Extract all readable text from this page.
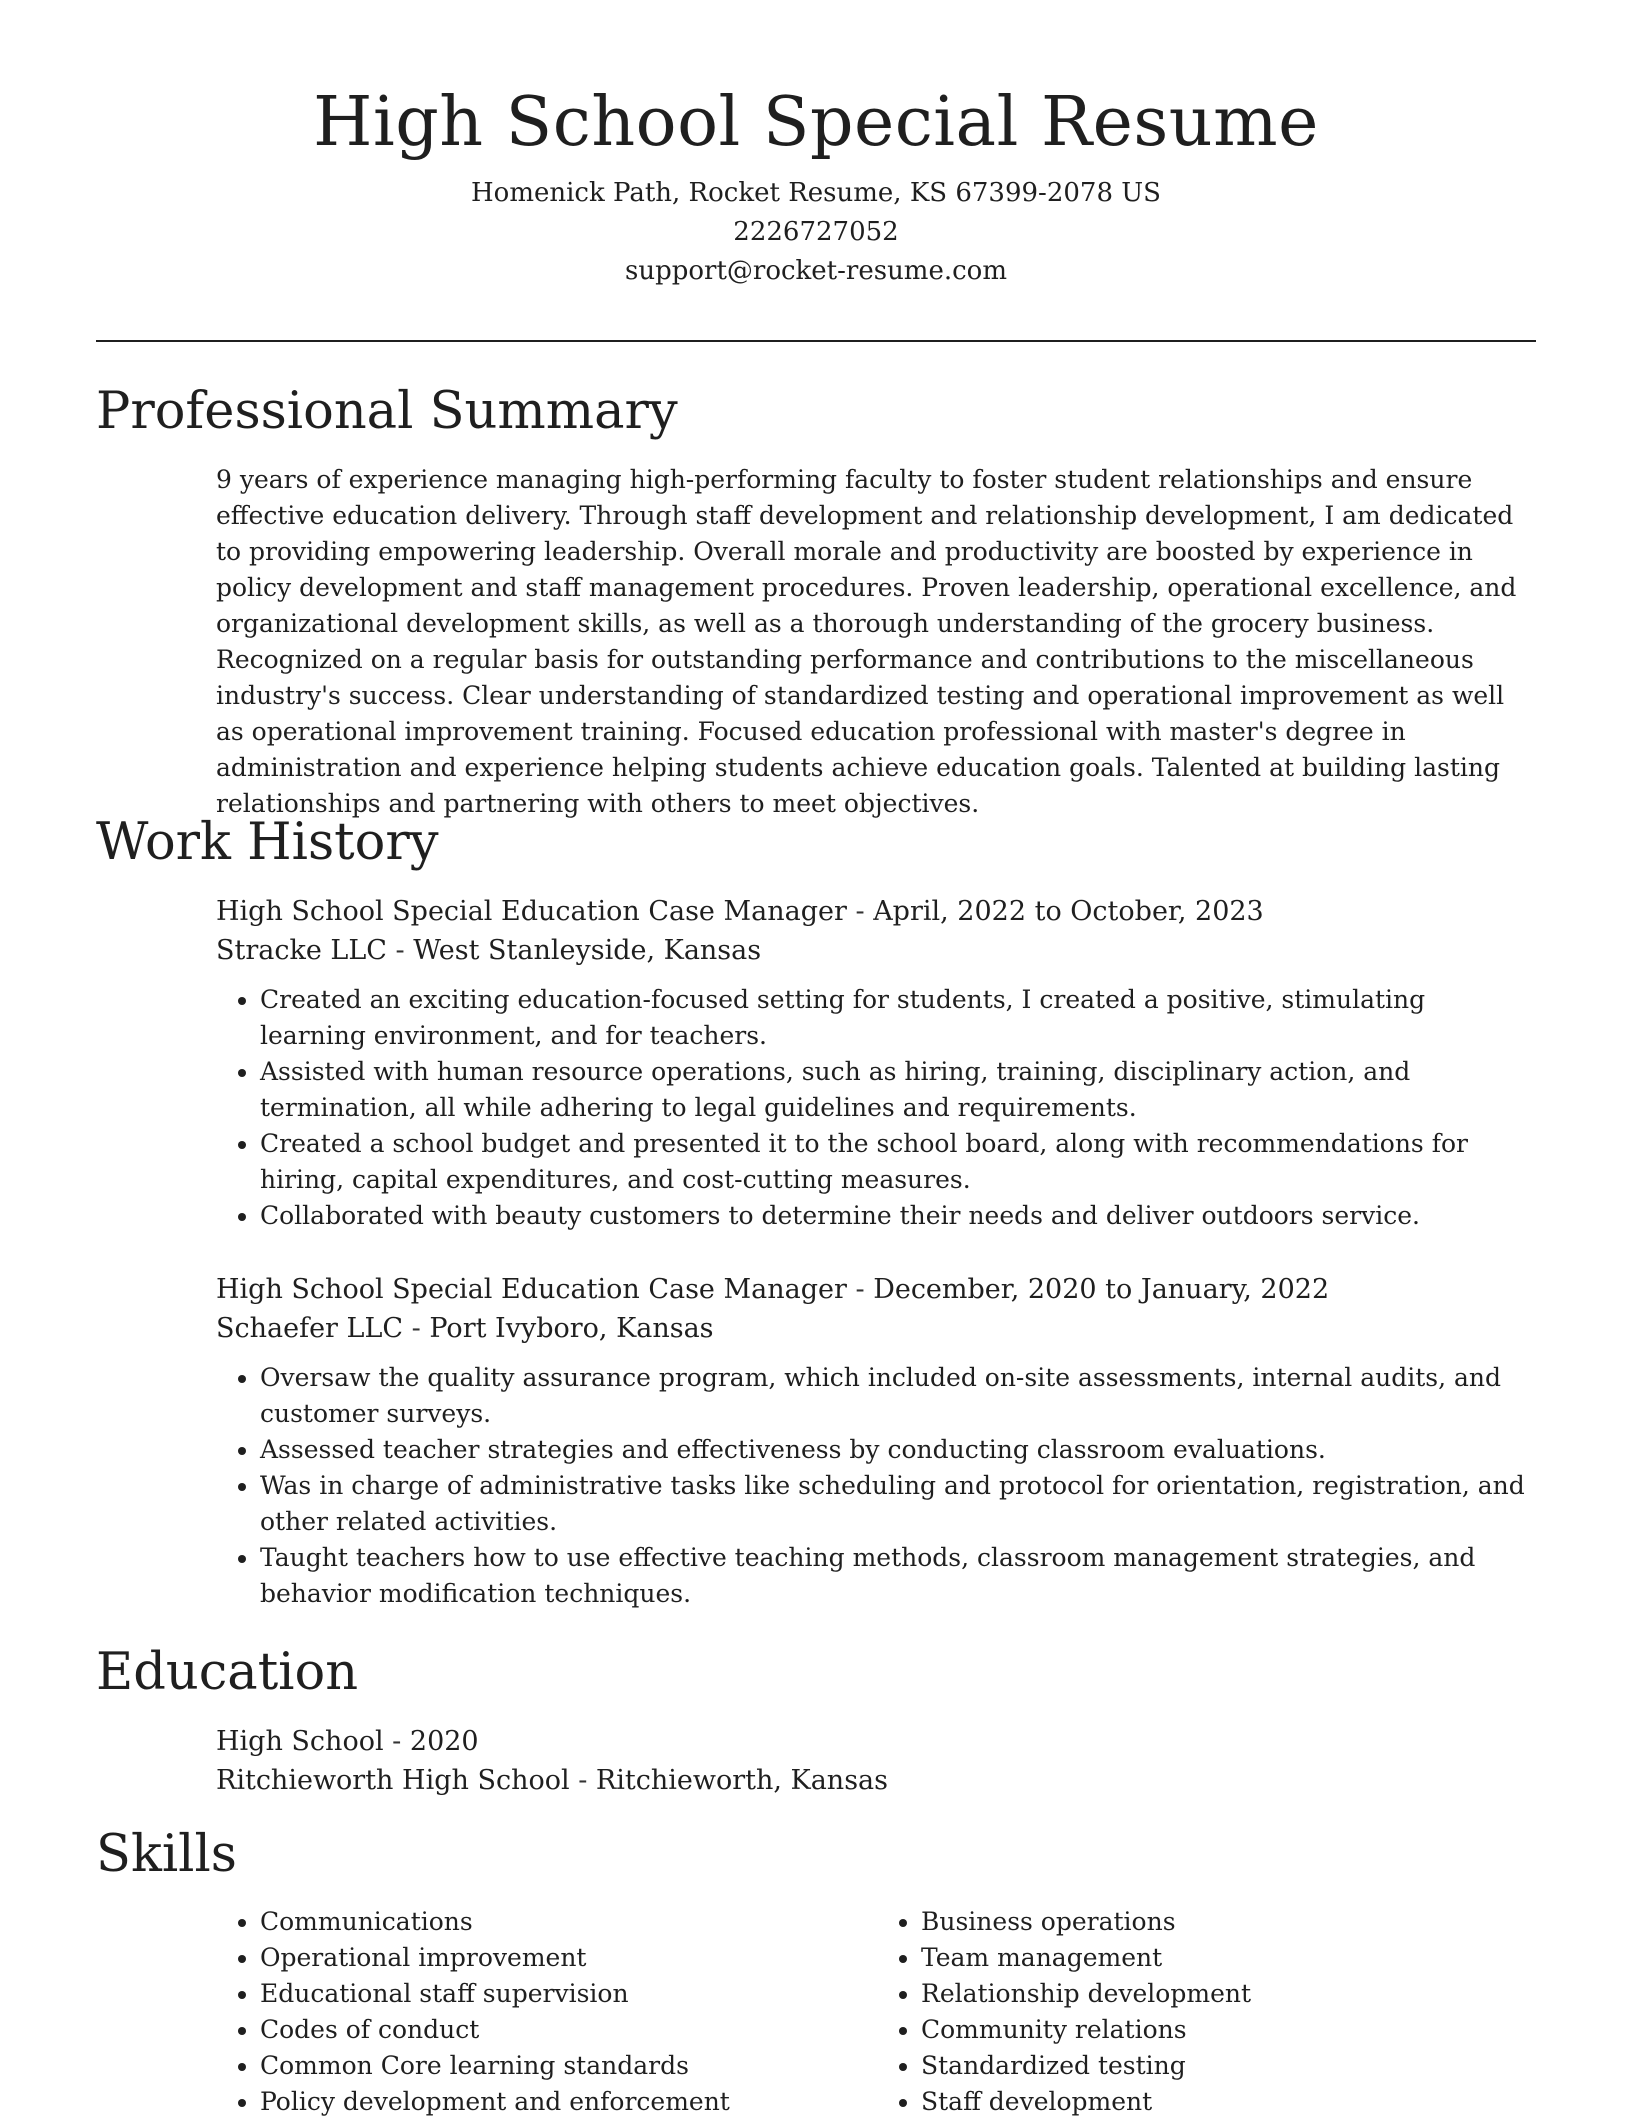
High School Special Resume
Homenick Path, Rocket Resume, KS 67399-2078 US
2226727052
support@rocket-resume.com
Professional Summary

9 years of experience managing high-performing faculty to foster student relationships and ensure effective education delivery. Through staff development and relationship development, I am dedicated to providing empowering leadership. Overall morale and productivity are boosted by experience in policy development and staff management procedures. Proven leadership, operational excellence, and organizational development skills, as well as a thorough understanding of the grocery business. Recognized on a regular basis for outstanding performance and contributions to the miscellaneous industry's success. Clear understanding of standardized testing and operational improvement as well as operational improvement training. Focused education professional with master's degree in administration and experience helping students achieve education goals. Talented at building lasting relationships and partnering with others to meet objectives.

Work History
High School Special Education Case Manager - April, 2022 to October, 2023
Stracke LLC - West Stanleyside, Kansas
• Created an exciting education-focused setting for students, I created a positive, stimulating learning environment, and for teachers.
• Assisted with human resource operations, such as hiring, training, disciplinary action, and termination, all while adhering to legal guidelines and requirements.
• Created a school budget and presented it to the school board, along with recommendations for hiring, capital expenditures, and cost-cutting measures.
• Collaborated with beauty customers to determine their needs and deliver outdoors service.
High School Special Education Case Manager - December, 2020 to January, 2022
Schaefer LLC - Port Ivyboro, Kansas
• Oversaw the quality assurance program, which included on-site assessments, internal audits, and customer surveys.
• Assessed teacher strategies and effectiveness by conducting classroom evaluations.
• Was in charge of administrative tasks like scheduling and protocol for orientation, registration, and other related activities.
• Taught teachers how to use effective teaching methods, classroom management strategies, and behavior modification techniques.
Education
High School - 2020
Ritchieworth High School - Ritchieworth, Kansas
Skills
• Communications
• Operational improvement
• Educational staff supervision
• Codes of conduct
• Common Core learning standards
• Policy development and enforcement
• Business operations
• Team management
• Relationship development
• Community relations
• Standardized testing
• Staff development
